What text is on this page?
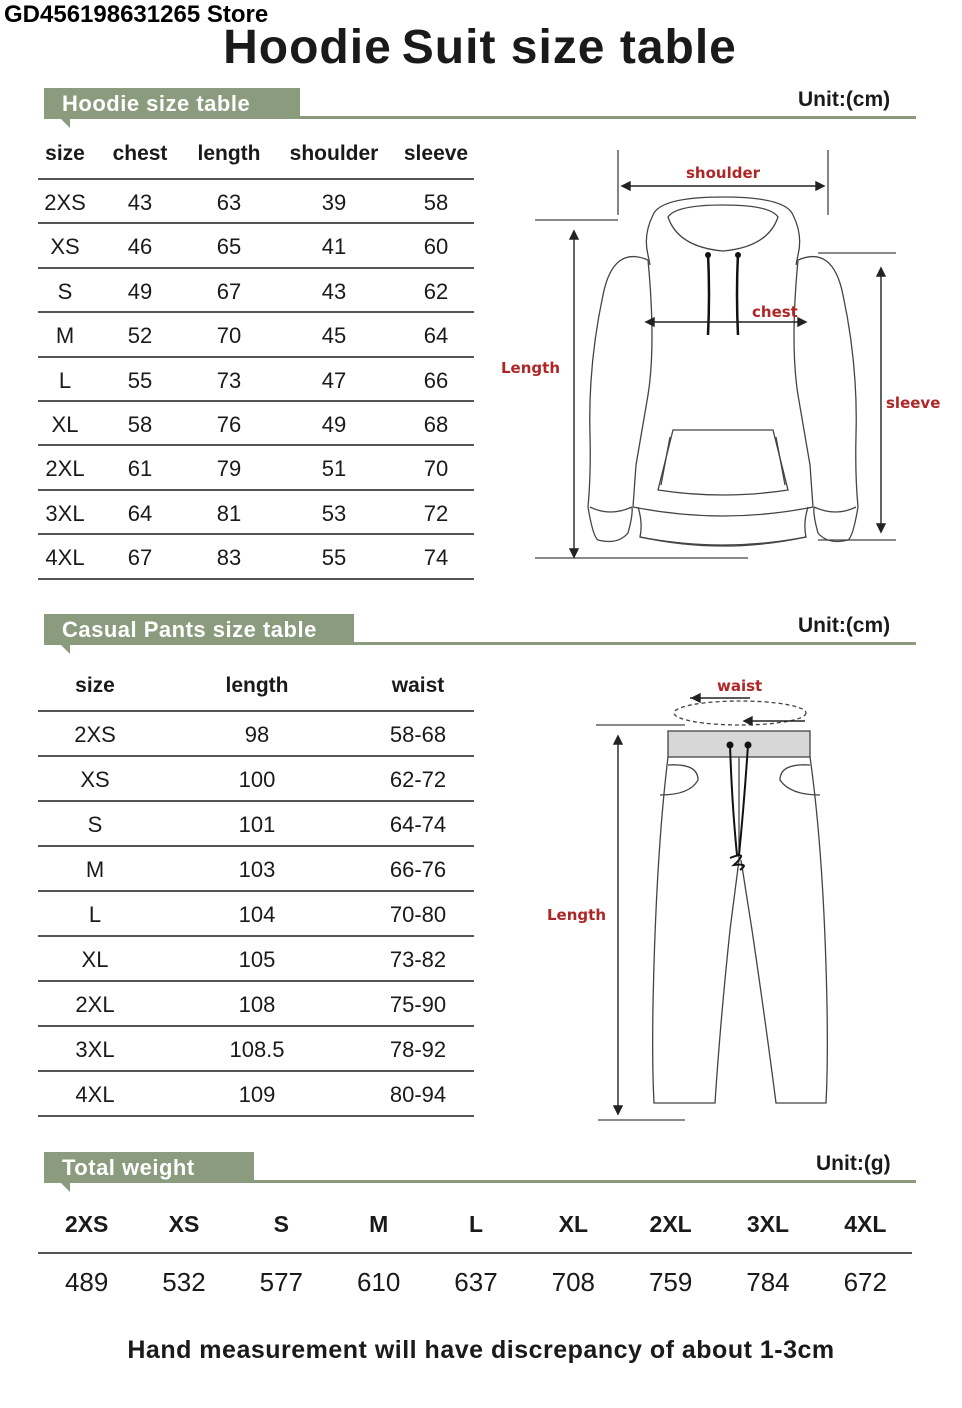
GD456198631265 Store
Hoodie Suit size table
Hoodie size table	Unit:(cm)
size	chest	length	shoulder	sleeve
2XS	43	63	39	58
XS	46	65	41	60
S	49	67	43	62
M	52	70	45	64
L	55	73	47	66
XL	58	76	49	68
2XL	61	79	51	70
3XL	64	81	53	72
4XL	67	83	55	74
shoulder
chest
Length
sleeve
Casual Pants size table	Unit:(cm)
size	length	waist
2XS	98	58-68
XS	100	62-72
S	101	64-74
M	103	66-76
L	104	70-80
XL	105	73-82
2XL	108	75-90
3XL	108.5	78-92
4XL	109	80-94
waist
Length
Total weight	Unit:(g)
2XS	XS	S	M	L	XL	2XL	3XL	4XL
489	532	577	610	637	708	759	784	672
Hand measurement will have discrepancy of about 1-3cm
